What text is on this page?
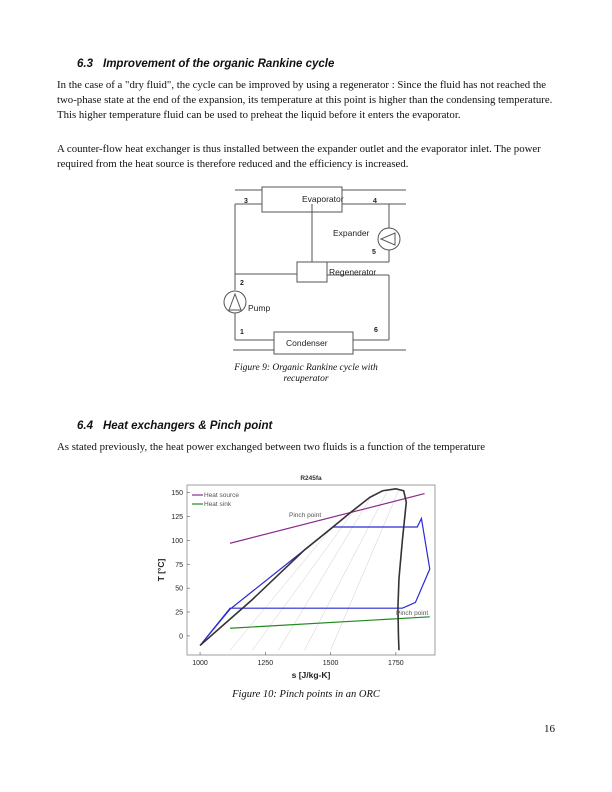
6.3 Improvement of the organic Rankine cycle
In the case of a "dry fluid", the cycle can be improved by using a regenerator : Since the fluid has not reached the two-phase state at the end of the expansion, its temperature at this point is higher than the condensing temperature. This higher temperature fluid can be used to preheat the liquid before it enters the evaporator.
A counter-flow heat exchanger is thus installed between the expander outlet and the evaporator inlet. The power required from the heat source is therefore reduced and the efficiency is increased.
Evaporator
Expander
Regenerator
Pump
Condenser
1
2
3	4
5
6
Figure 9: Organic Rankine cycle with
recuperator
6.4 Heat exchangers & Pinch point
As stated previously, the heat power exchanged between two fluids is a function of the temperature
1000	1250	1500	1750
0
25
50
75
100
125
150
R245fa
s [J/kg-K]
T [°C]
Heat source
Heat sink
Pinch point
Pinch point
Figure 10: Pinch points in an ORC
16
